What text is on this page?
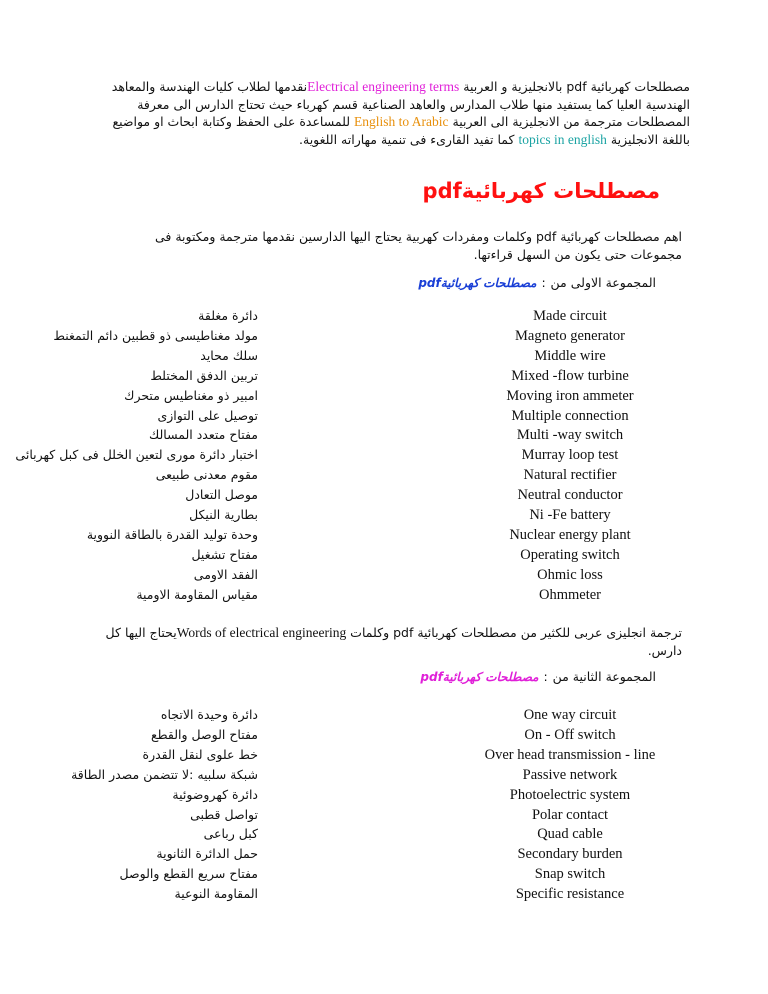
مصطلحات كهربائية pdf بالانجليزية و العربية Electrical engineering termsنقدمها لطلاب كليات الهندسة والمعاهد الهندسية العليا كما يستفيد منها طلاب المدارس والعاهد الصناعية قسم كهرباء حيث تحتاج الدارس الى معرفة المصطلحات مترجمة من الانجليزية الى العربية English to Arabic للمساعدة على الحفظ وكتابة ابحاث او مواضيع باللغة الانجليزية topics in english كما تفيد القارىء فى تنمية مهاراته اللغوية.
مصطلحات كهربائيةpdf
اهم مصطلحات كهربائية pdf وكلمات ومفردات كهربية يحتاج اليها الدارسين نقدمها مترجمة ومكتوبة فى مجموعات حتى يكون من السهل قراءتها.
المجموعة الاولى من:مصطلحات كهربائيةpdf
دائرة مغلقة	Made circuit
مولد مغناطيسى ذو قطبين دائم التمغنط	Magneto generator
سلك محايد	Middle wire
تربين الدفق المختلط	Mixed -flow turbine
امبير ذو مغناطيس متحرك	Moving iron ammeter
توصيل على التوازى	Multiple connection
مفتاح متعدد المسالك	Multi -way switch
اختبار دائرة مورى لتعين الخلل فى كبل كهربائى	Murray loop test
مقوم معدنى طبيعى	Natural rectifier
موصل التعادل	Neutral conductor
بطارية النيكل	Ni -Fe battery
وحدة توليد القدرة بالطاقة النووية	Nuclear energy plant
مفتاح تشغيل	Operating switch
الفقد الاومى	Ohmic loss
مقياس المقاومة الاومية	Ohmmeter
ترجمة انجليزى عربى للكثير من مصطلحات كهربائية pdf وكلمات Words of electrical engineeringيحتاج اليها كل دارس.
المجموعة الثانية من:مصطلحات كهربائيةpdf
دائرة وحيدة الاتجاه	One way circuit
مفتاح الوصل والقطع	On - Off switch
خط علوى لنقل القدرة	Over head transmission - line
شبكة سلبيه :لا تتضمن مصدر الطاقة	Passive network
دائرة كهروضوئية	Photoelectric system
تواصل قطبى	Polar contact
كبل رباعى	Quad cable
حمل الدائرة الثانوية	Secondary burden
مفتاح سريع القطع والوصل	Snap switch
المقاومة النوعية	Specific resistance
